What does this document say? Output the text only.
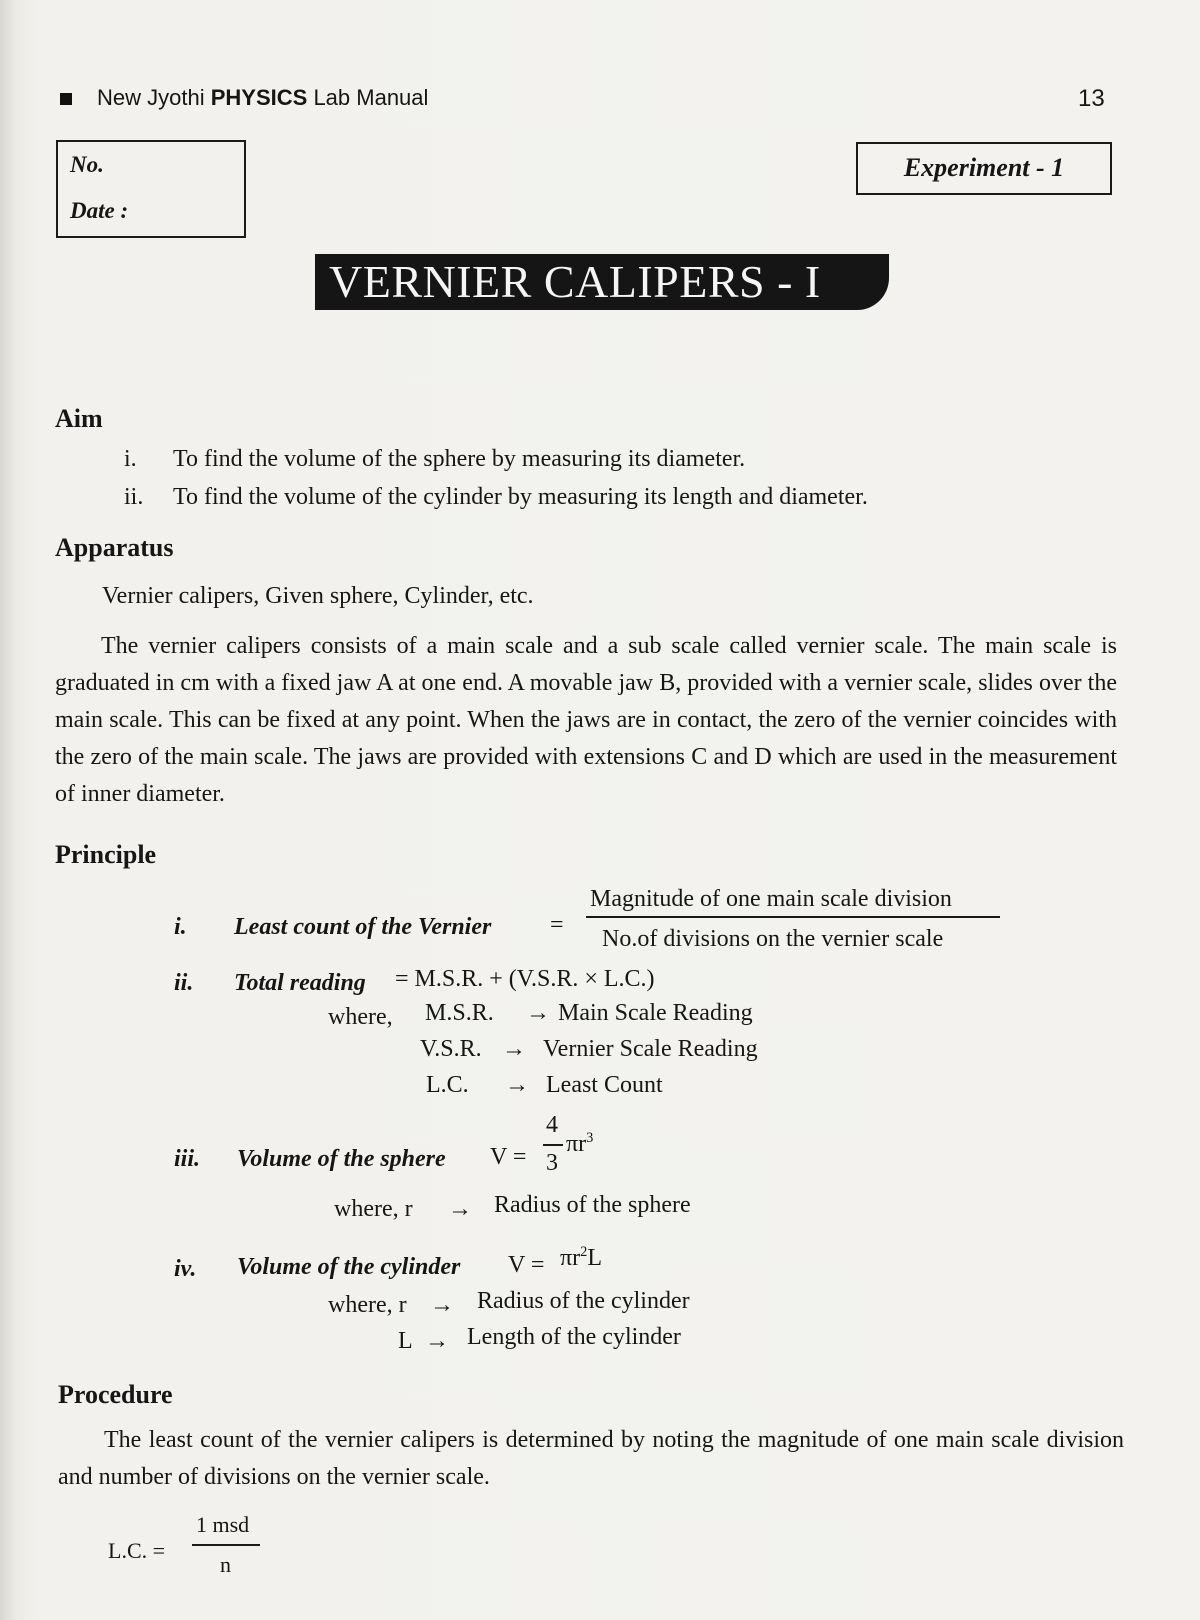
New Jyothi PHYSICS Lab Manual	13
No.
Date :
Experiment - 1
VERNIER CALIPERS - I
Aim
i. To find the volume of the sphere by measuring its diameter.
ii. To find the volume of the cylinder by measuring its length and diameter.
Apparatus
Vernier calipers, Given sphere, Cylinder, etc.
The vernier calipers consists of a main scale and a sub scale called vernier scale. The main scale is graduated in cm with a fixed jaw A at one end. A movable jaw B, provided with a vernier scale, slides over the main scale. This can be fixed at any point. When the jaws are in contact, the zero of the vernier coincides with the zero of the main scale. The jaws are provided with extensions C and D which are used in the measurement of inner diameter.
Principle
i. Least count of the Vernier =
Magnitude of one main scale division
No.of divisions on the vernier scale
ii. Total reading = M.S.R. + (V.S.R. × L.C.)
where, M.S.R. → Main Scale Reading
V.S.R. → Vernier Scale Reading
L.C. → Least Count
iii. Volume of the sphere V =
4
3
$\pi r^3$
where, r → Radius of the sphere
iv. Volume of the cylinder $V = \pi r^2L$
where, r → Radius of the cylinder
L → Length of the cylinder
Procedure
The least count of the vernier calipers is determined by noting the magnitude of one main scale division and number of divisions on the vernier scale.
L.C. =
1 msd
n
